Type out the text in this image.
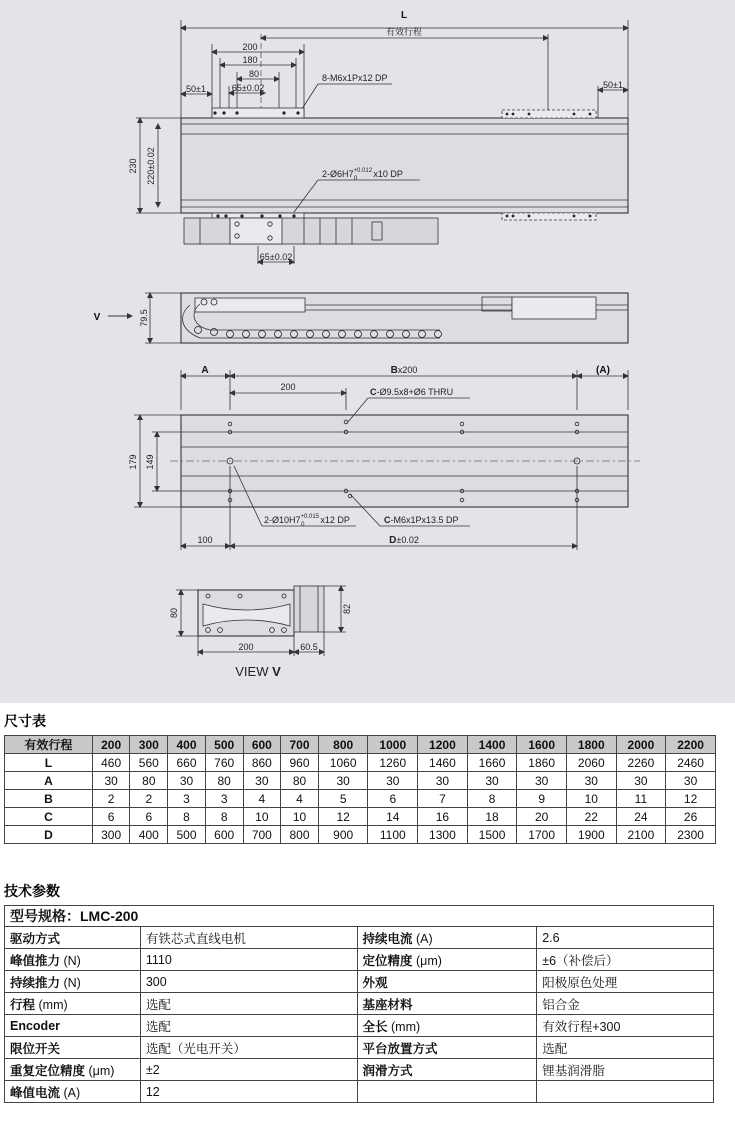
L
有效行程
200
180
80
65±0.02
50±1	50±1
8-M6x1Px12 DP
$2-Ø6H7^{+0.012}$ 0 x10 DP
230 220±0.02
65±0.02
V	79.5
A	Bx200	(A)
200	C-Ø9.5x8+Ø6 THRU
179 149
$2-Ø10H7^{+0.015}$ 0 x12 DP	C-M6x1Px13.5 DP
100	D±0.02
80	82
200	60.5
VIEW V
尺寸表
有效行程	200	300	400	500	600	700	800	1000	1200	1400	1600	1800	2000	2200
L	460	560	660	760	860	960	1060	1260	1460	1660	1860	2060	2260	2460
A	30	80	30	80	30	80	30	30	30	30	30	30	30	30
B	2	2	3	3	4	4	5	6	7	8	9	10	11	12
C	6	6	8	8	10	10	12	14	16	18	20	22	24	26
D	300	400	500	600	700	800	900	1100	1300	1500	1700	1900	2100	2300
技术参数
型号规格：LMC-200			
驱动方式	有铁芯式直线电机	持续电流 (A)	2.6
峰值推力 (N)	1110	定位精度 (μm)	±6（补偿后）
持续推力 (N)	300	外观	阳极原色处理
行程 (mm)	选配	基座材料	铝合金
Encoder	选配	全长 (mm)	有效行程+300
限位开关	选配（光电开关）	平台放置方式	选配
重复定位精度 (μm)	±2	润滑方式	锂基润滑脂
峰值电流 (A)	12		
